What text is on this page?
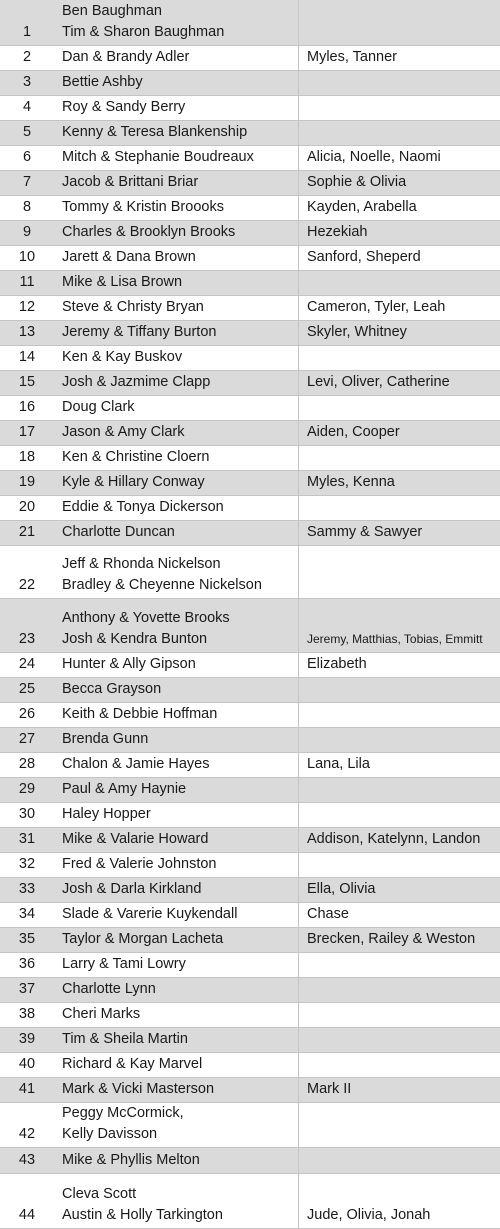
1	Ben Baughman
Tim & Sharon Baughman	

2	Dan & Brandy Adler	Myles, Tanner
3	Bettie Ashby	

4	Roy & Sandy Berry	

5	Kenny & Teresa Blankenship	

6	Mitch & Stephanie Boudreaux	Alicia, Noelle, Naomi
7	Jacob & Brittani Briar	Sophie & Olivia
8	Tommy & Kristin Broooks	Kayden, Arabella
9	Charles & Brooklyn Brooks	Hezekiah
10	Jarett & Dana Brown	Sanford, Sheperd
11	Mike & Lisa Brown	

12	Steve & Christy Bryan	Cameron, Tyler, Leah
13	Jeremy & Tiffany Burton	Skyler, Whitney
14	Ken & Kay Buskov	

15	Josh & Jazmime Clapp	Levi, Oliver, Catherine
16	Doug Clark	

17	Jason & Amy Clark	Aiden, Cooper
18	Ken & Christine Cloern	

19	Kyle & Hillary Conway	Myles, Kenna
20	Eddie & Tonya Dickerson	

21	Charlotte Duncan	Sammy & Sawyer
22	Jeff & Rhonda Nickelson
Bradley & Cheyenne Nickelson	

23	Anthony & Yovette Brooks
Josh & Kendra Bunton	Jeremy, Matthias, Tobias, Emmitt
24	Hunter & Ally Gipson	Elizabeth
25	Becca Grayson	

26	Keith & Debbie Hoffman	

27	Brenda Gunn	

28	Chalon & Jamie Hayes	Lana, Lila
29	Paul & Amy Haynie	

30	Haley Hopper	

31	Mike & Valarie Howard	Addison, Katelynn, Landon
32	Fred & Valerie Johnston	

33	Josh & Darla Kirkland	Ella, Olivia
34	Slade & Varerie Kuykendall	Chase
35	Taylor & Morgan Lacheta	Brecken, Railey & Weston
36	Larry & Tami Lowry	

37	Charlotte Lynn	

38	Cheri Marks	

39	Tim & Sheila Martin	

40	Richard & Kay Marvel	

41	Mark & Vicki Masterson	Mark II
42	Peggy McCormick,
Kelly Davisson	

43	Mike & Phyllis Melton	

44	Cleva Scott
Austin & Holly Tarkington	Jude, Olivia, Jonah
